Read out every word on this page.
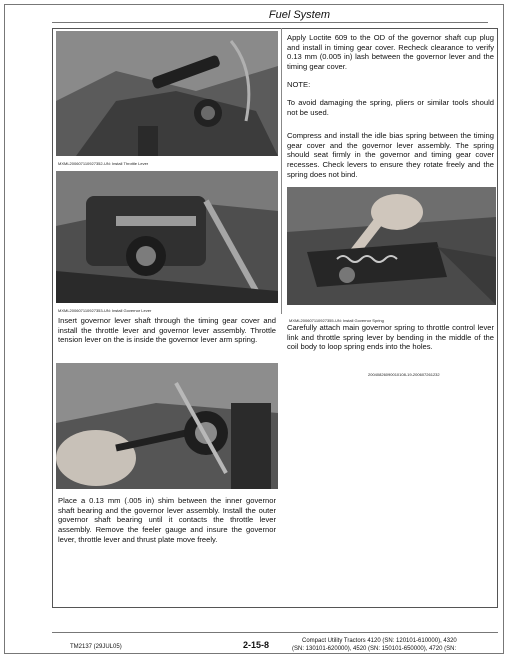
Fuel System
MXML200607110927352-UN: Install Throttle Lever
MXML200607110927353-UN: Install Governor Lever

Insert governor lever shaft through the timing gear cover and install the throttle lever and governor lever assembly. Throttle tension lever on the is inside the governor lever arm spring.

Place a 0.13 mm (.005 in) shim between the inner governor shaft bearing and the governor lever assembly. Install the outer governor shaft bearing until it contacts the throttle lever assembly. Remove the feeler gauge and insure the governor lever, throttle lever and thrust plate move freely.

Apply Loctite 609 to the OD of the governor shaft cup plug and install in timing gear cover. Recheck clearance to verify 0.13 mm (0.005 in) lash between the governor lever and the timing gear cover.

NOTE:

To avoid damaging the spring, pliers or similar tools should not be used.

Compress and install the idle bias spring between the timing gear cover and the governor lever assembly. The spring should seat firmly in the governor and timing gear cover recesses. Check levers to ensure they rotate freely and the spring does not bind.

MXML200607110927355-UN: Install Governor Spring

Carefully attach main governor spring to throttle control lever link and throttle spring lever by bending in the middle of the coil body to loop spring ends into the holes.

20040826090010108-19-200607261232
TM2137 (29JUL05)	2-15-8	Compact Utility Tractors 4120 (SN: 120101-610000), 4320
(SN: 130101-620000), 4520 (SN: 150101-650000), 4720 (SN:
